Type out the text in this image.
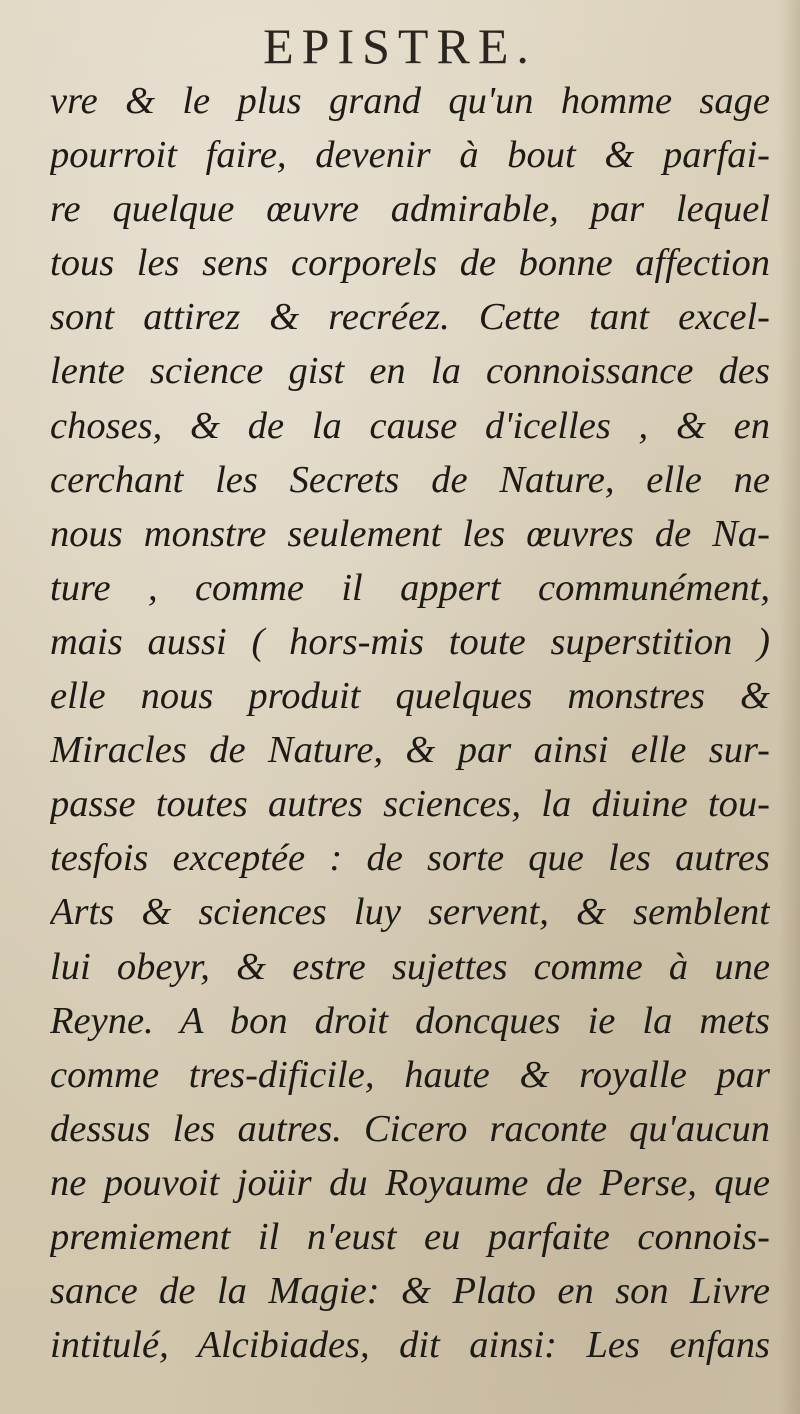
EPISTRE.
vre & le plus grand qu'un homme sage
pourroit faire, devenir à bout & parfai-
re quelque œuvre admirable, par lequel
tous les sens corporels de bonne affection
sont attirez & recréez. Cette tant excel-
lente science gist en la connoissance des
choses, & de la cause d'icelles , & en
cerchant les Secrets de Nature, elle ne
nous monstre seulement les œuvres de Na-
ture , comme il appert communément,
mais aussi ( hors-mis toute superstition )
elle nous produit quelques monstres &
Miracles de Nature, & par ainsi elle sur-
passe toutes autres sciences, la diuine tou-
tesfois exceptée : de sorte que les autres
Arts & sciences luy servent, & semblent
lui obeyr, & estre sujettes comme à une
Reyne. A bon droit doncques ie la mets
comme tres-dificile, haute & royalle par
dessus les autres. Cicero raconte qu'aucun
ne pouvoit joüir du Royaume de Perse, que
premiement il n'eust eu parfaite connois-
sance de la Magie: & Plato en son Livre
intitulé, Alcibiades, dit ainsi: Les enfans
